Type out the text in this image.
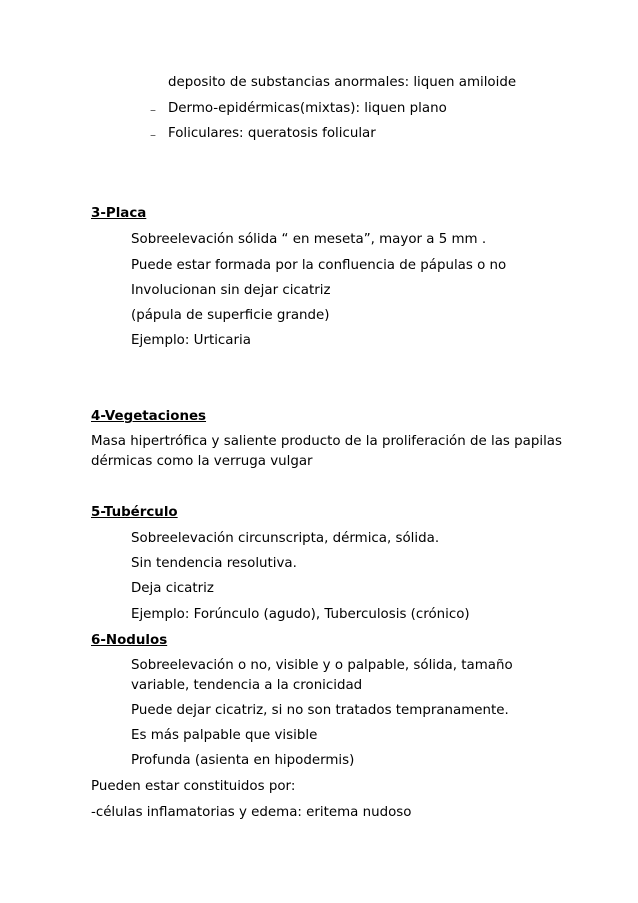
deposito de substancias anormales: liquen amiloide

– Dermo-epidérmicas(mixtas): liquen plano

– Foliculares: queratosis folicular

3-Placa

Sobreelevación sólida “ en meseta”, mayor a 5 mm .

Puede estar formada por la confluencia de pápulas o no

Involucionan sin dejar cicatriz

(pápula de superficie grande)

Ejemplo: Urticaria

4-Vegetaciones

Masa hipertrófica y saliente producto de la proliferación de las papilas

dérmicas como la verruga vulgar

5-Tubérculo

Sobreelevación circunscripta, dérmica, sólida.

Sin tendencia resolutiva.

Deja cicatriz

Ejemplo: Forúnculo (agudo), Tuberculosis (crónico)

6-Nodulos

Sobreelevación o no, visible y o palpable, sólida, tamaño

variable, tendencia a la cronicidad

Puede dejar cicatriz, si no son tratados tempranamente.

Es más palpable que visible

Profunda (asienta en hipodermis)

Pueden estar constituidos por:

-células inflamatorias y edema: eritema nudoso
